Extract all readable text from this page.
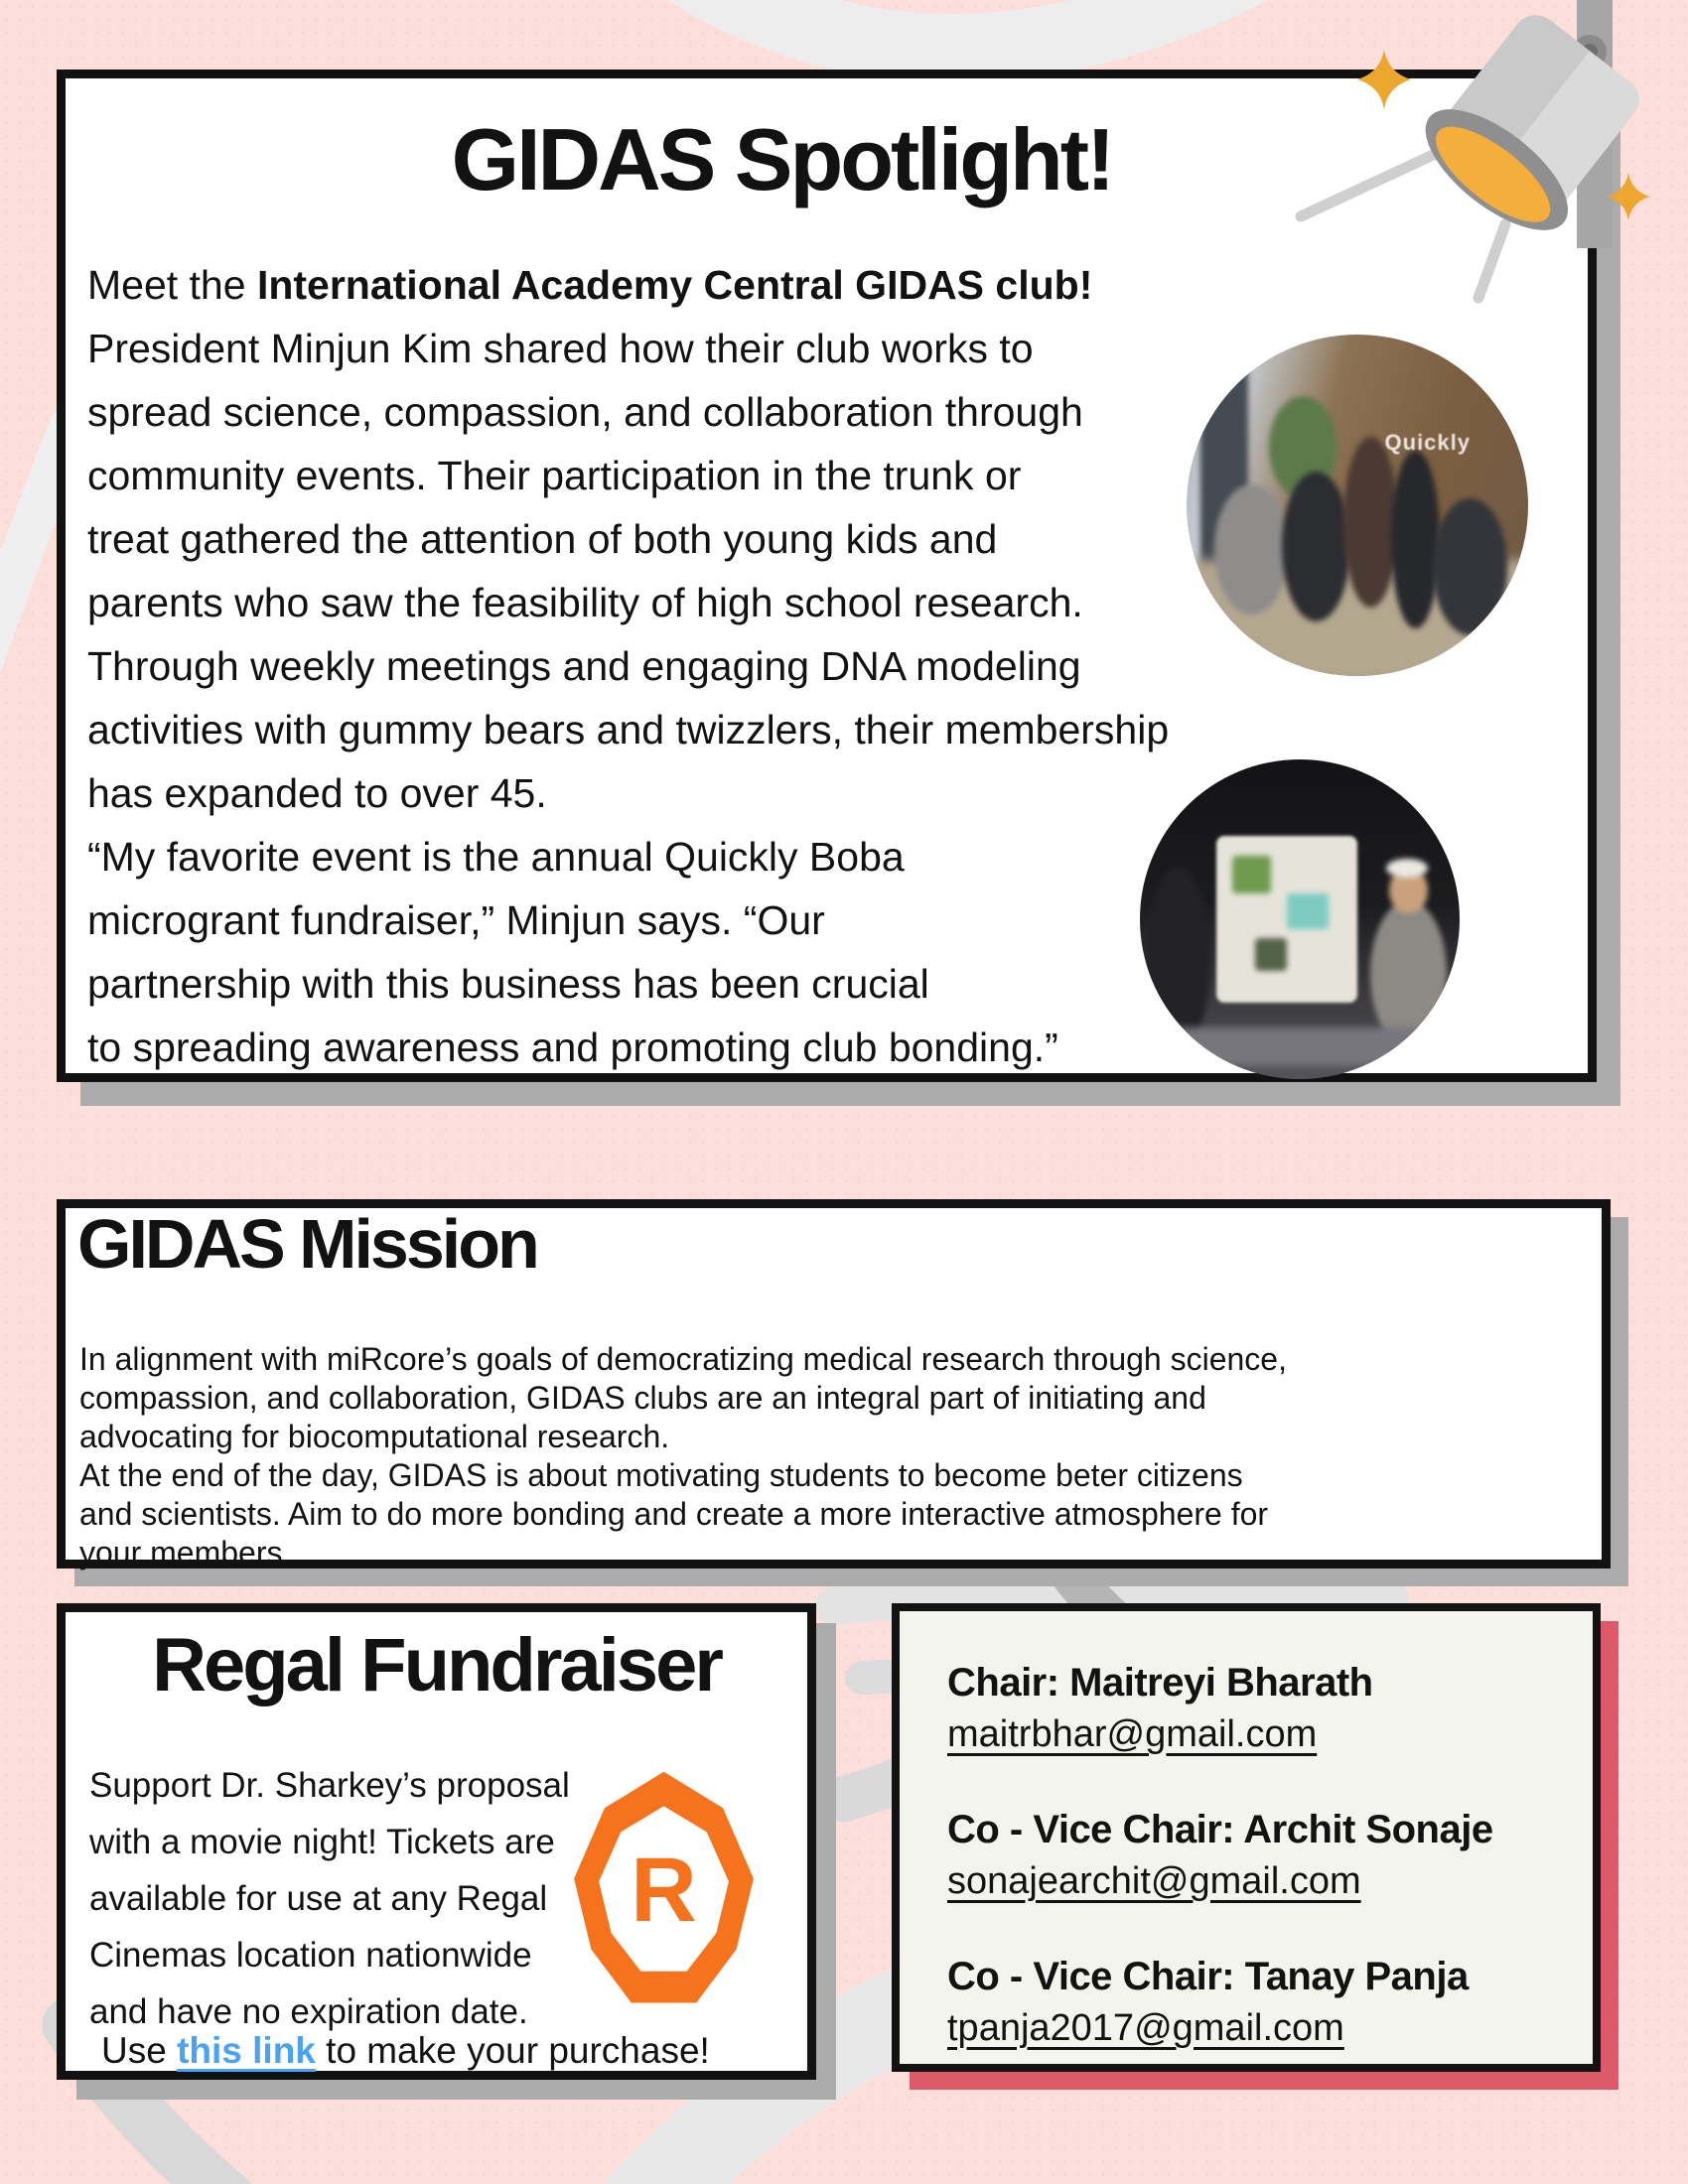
GIDAS Spotlight!
Meet the International Academy Central GIDAS club!
President Minjun Kim shared how their club works to
spread science, compassion, and collaboration through
community events. Their participation in the trunk or
treat gathered the attention of both young kids and
parents who saw the feasibility of high school research.
Through weekly meetings and engaging DNA modeling
activities with gummy bears and twizzlers, their membership
has expanded to over 45.
“My favorite event is the annual Quickly Boba
microgrant fundraiser,” Minjun says. “Our
partnership with this business has been crucial
to spreading awareness and promoting club bonding.”
Quickly
GIDAS Mission
In alignment with miRcore’s goals of democratizing medical research through science,
compassion, and collaboration, GIDAS clubs are an integral part of initiating and
advocating for biocomputational research.
At the end of the day, GIDAS is about motivating students to become beter citizens
and scientists. Aim to do more bonding and create a more interactive atmosphere for
your members.
Regal Fundraiser
Support Dr. Sharkey’s proposal
with a movie night! Tickets are
available for use at any Regal
Cinemas location nationwide
and have no expiration date.
Use this link to make your purchase!
R
Chair: Maitreyi Bharath
maitrbhar@gmail.com
Co - Vice Chair: Archit Sonaje
sonajearchit@gmail.com
Co - Vice Chair: Tanay Panja
tpanja2017@gmail.com
